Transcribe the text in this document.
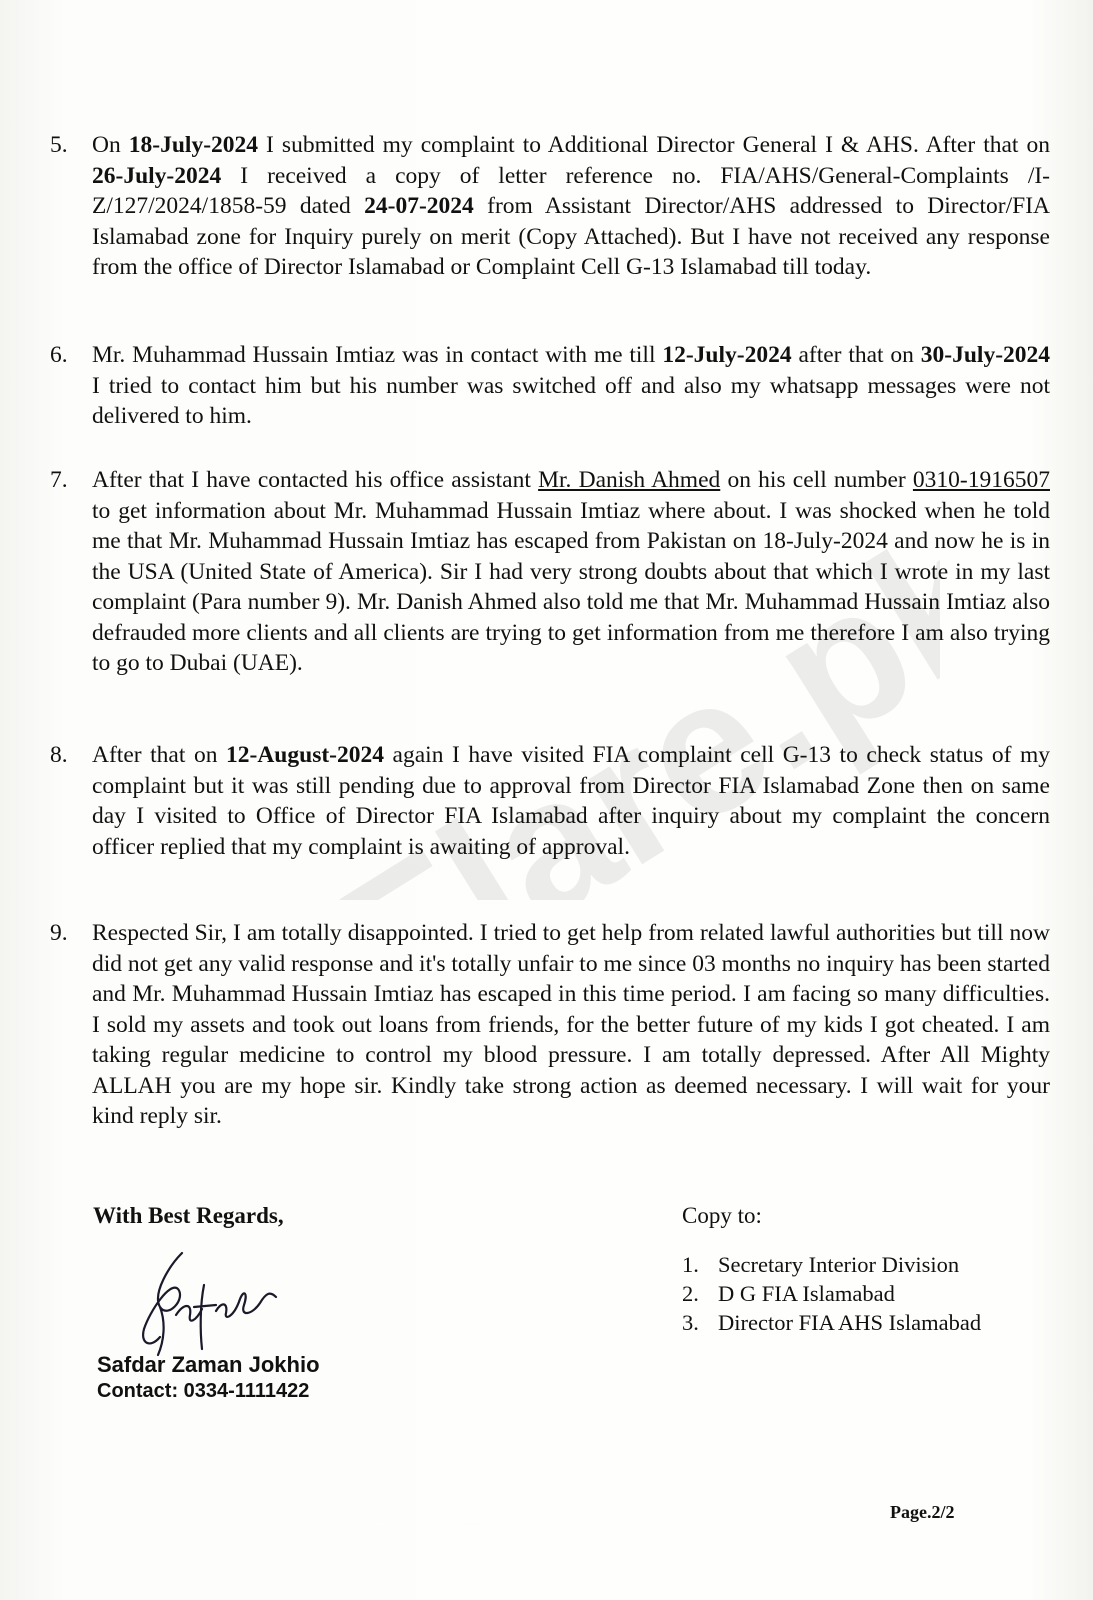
Flare.pk
5.	On 18-July-2024 I submitted my complaint to Additional Director General I & AHS. After that on 26-July-2024 I received a copy of letter reference no. FIA/AHS/General-Complaints /I-Z/127/2024/1858-59 dated 24-07-2024 from Assistant Director/AHS addressed to Director/FIA Islamabad zone for Inquiry purely on merit (Copy Attached). But I have not received any response from the office of Director Islamabad or Complaint Cell G-13 Islamabad till today.
6.	Mr. Muhammad Hussain Imtiaz was in contact with me till 12-July-2024 after that on 30-July-2024 I tried to contact him but his number was switched off and also my whatsapp messages were not delivered to him.
7.	After that I have contacted his office assistant Mr. Danish Ahmed on his cell number 0310-1916507 to get information about Mr. Muhammad Hussain Imtiaz where about. I was shocked when he told me that Mr. Muhammad Hussain Imtiaz has escaped from Pakistan on 18-July-2024 and now he is in the USA (United State of America). Sir I had very strong doubts about that which I wrote in my last complaint (Para number 9). Mr. Danish Ahmed also told me that Mr. Muhammad Hussain Imtiaz also defrauded more clients and all clients are trying to get information from me therefore I am also trying to go to Dubai (UAE).
8.	After that on 12-August-2024 again I have visited FIA complaint cell G-13 to check status of my complaint but it was still pending due to approval from Director FIA Islamabad Zone then on same day I visited to Office of Director FIA Islamabad after inquiry about my complaint the concern officer replied that my complaint is awaiting of approval.
9.	Respected Sir, I am totally disappointed. I tried to get help from related lawful authorities but till now did not get any valid response and it's totally unfair to me since 03 months no inquiry has been started and Mr. Muhammad Hussain Imtiaz has escaped in this time period. I am facing so many difficulties. I sold my assets and took out loans from friends, for the better future of my kids I got cheated. I am taking regular medicine to control my blood pressure. I am totally depressed. After All Mighty ALLAH you are my hope sir. Kindly take strong action as deemed necessary. I will wait for your kind reply sir.
With Best Regards,	Copy to:
1. Secretary Interior Division
2. D G FIA Islamabad
3. Director FIA AHS Islamabad
Safdar Zaman Jokhio
Contact: 0334-1111422
Page.2/2
